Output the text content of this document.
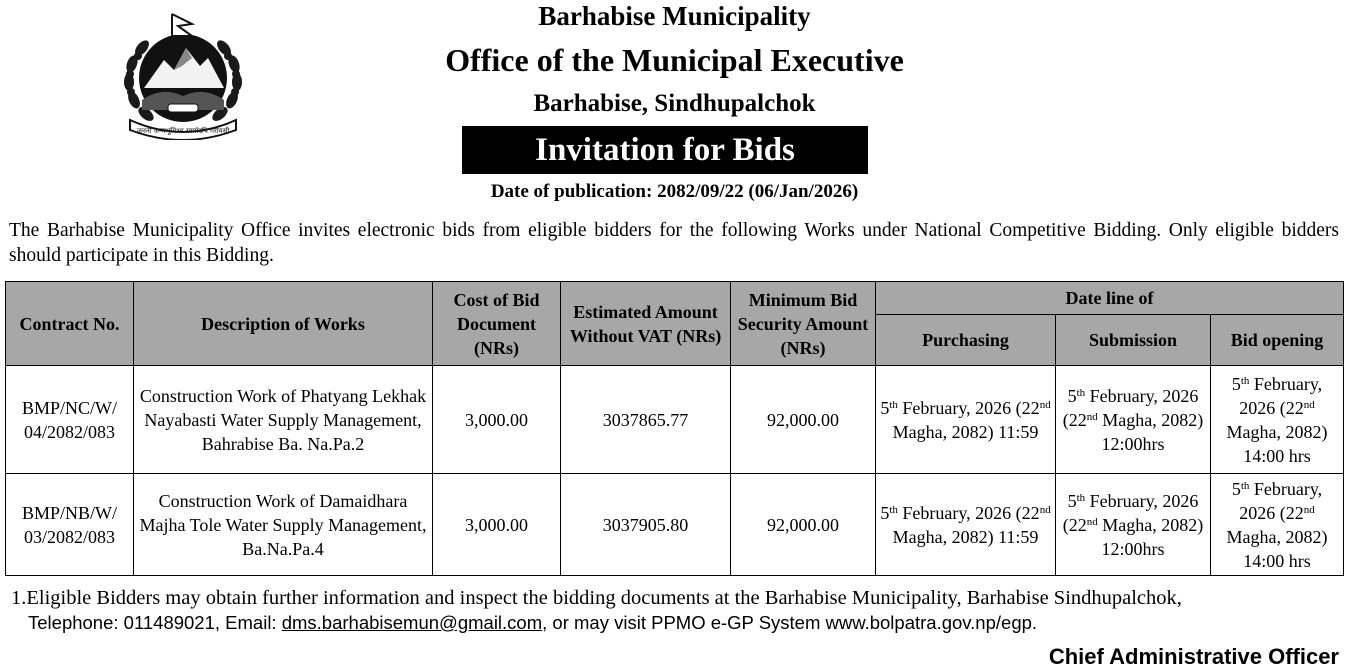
जननी जन्मभूमिश्च स्वर्गादपि गरीयसी
Barhabise Municipality
Office of the Municipal Executive
Barhabise, Sindhupalchok
Invitation for Bids
Date of publication: 2082/09/22 (06/Jan/2026)
The Barhabise Municipality Office invites electronic bids from eligible bidders for the following Works under National Competitive Bidding. Only eligible bidders should participate in this Bidding.
Contract No.	Description of Works	Cost of Bid Document (NRs)	Estimated Amount Without VAT (NRs)	Minimum Bid Security Amount (NRs)	Date line of		
					Purchasing	Submission	Bid opening
BMP/NC/W/ 04/2082/083	Construction Work of Phatyang Lekhak Nayabasti Water Supply Management, Bahrabise Ba. Na.Pa.2	3,000.00	3037865.77	92,000.00	5th February, 2026 (22nd Magha, 2082) 11:59	5th February, 2026 (22nd Magha, 2082) 12:00hrs	5th February, 2026 (22nd Magha, 2082) 14:00 hrs
BMP/NB/W/ 03/2082/083	Construction Work of Damaidhara Majha Tole Water Supply Management, Ba.Na.Pa.4	3,000.00	3037905.80	92,000.00	5th February, 2026 (22nd Magha, 2082) 11:59	5th February, 2026 (22nd Magha, 2082) 12:00hrs	5th February, 2026 (22nd Magha, 2082) 14:00 hrs
1.Eligible Bidders may obtain further information and inspect the bidding documents at the Barhabise Municipality, Barhabise Sindhupalchok,
Telephone: 011489021, Email: dms.barhabisemun@gmail.com, or may visit PPMO e-GP System www.bolpatra.gov.np/egp.
Chief Administrative Officer
